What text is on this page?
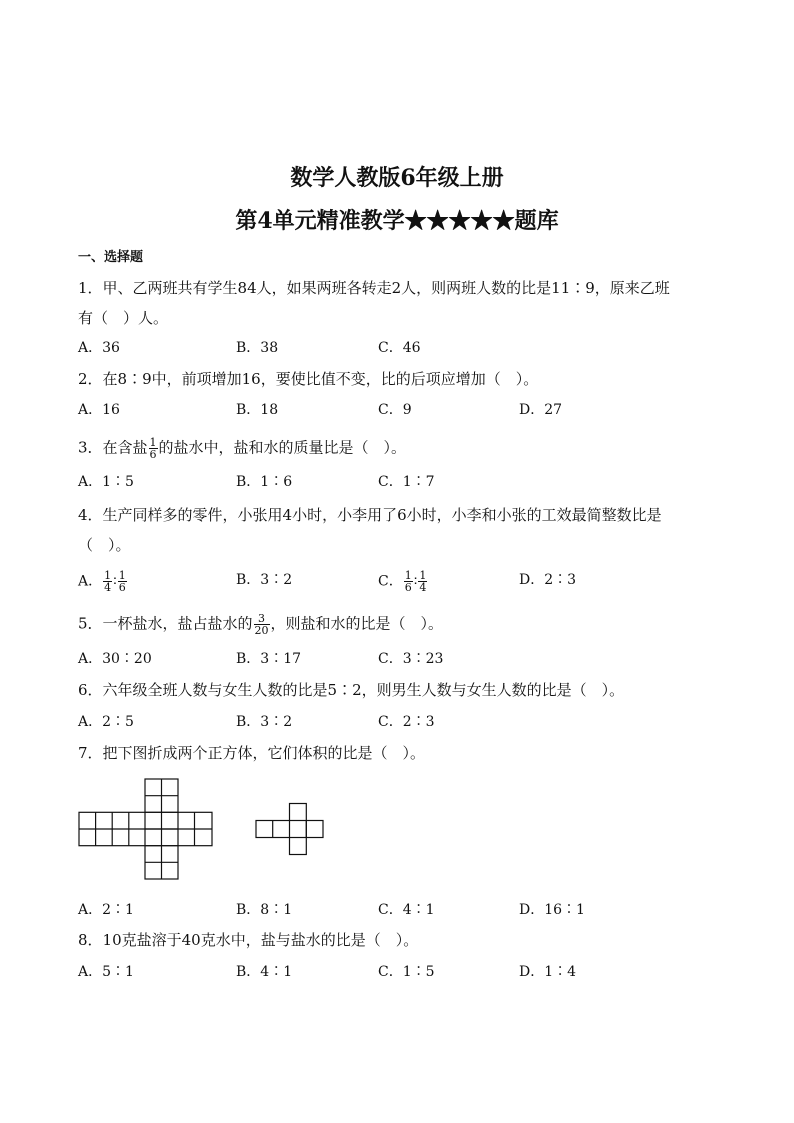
数学人教版6年级上册
第4单元精准教学★★★★★题库
一、选择题
1．甲、乙两班共有学生84人，如果两班各转走2人，则两班人数的比是11∶9，原来乙班
有（　）人。
A．36	B．38	C．46
2．在8∶9中，前项增加16，要使比值不变，比的后项应增加（　）。
A．16	B．18	C．9	D．27
3．在含盐 $\frac{1}{6}$ 的盐水中，盐和水的质量比是（　）。
A．1∶5	B．1∶6	C．1∶7
4．生产同样多的零件，小张用4小时，小李用了6小时，小李和小张的工效最简整数比是
（　）。
A． $\frac{1}{4}$ ∶ $\frac{1}{6}$	B．3∶2	C． $\frac{1}{6}$ ∶ $\frac{1}{4}$	D．2∶3
5．一杯盐水，盐占盐水的 $\frac{3}{20}$ ，则盐和水的比是（　）。
A．30∶20	B．3∶17	C．3∶23
6．六年级全班人数与女生人数的比是5∶2，则男生人数与女生人数的比是（　）。
A．2∶5	B．3∶2	C．2∶3
7．把下图折成两个正方体，它们体积的比是（　）。
A．2∶1	B．8∶1	C．4∶1	D．16∶1
8．10克盐溶于40克水中，盐与盐水的比是（　）。
A．5∶1	B．4∶1	C．1∶5	D．1∶4
